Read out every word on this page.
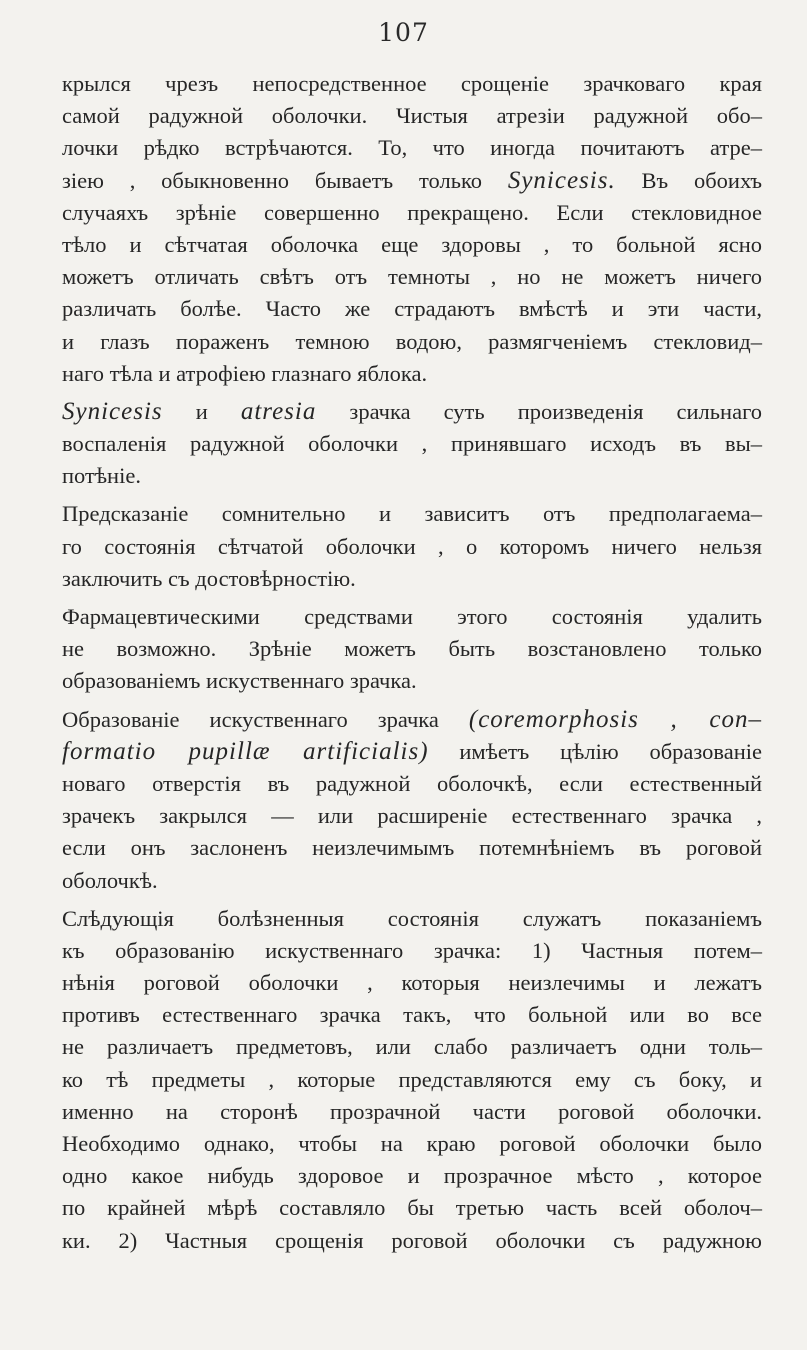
107
крылся чрезъ непосредственное срощеніе зрачковаго края
самой радужной оболочки. Чистыя атрезіи радужной обо–
лочки рѣдко встрѣчаются. То, что иногда почитаютъ атре–
зіею , обыкновенно бываетъ только Synicesis. Въ обоихъ
случаяхъ зрѣніе совершенно прекращено. Если стекловидное
тѣло и сѣтчатая оболочка еще здоровы , то больной ясно
можетъ отличать свѣтъ отъ темноты , но не можетъ ничего
различать болѣе. Часто же страдаютъ вмѣстѣ и эти части,
и глазъ пораженъ темною водою, размягченіемъ стекловид–
наго тѣла и атрофіею глазнаго яблока.
Synicesis и atresia зрачка суть произведенія сильнаго
воспаленія радужной оболочки , принявшаго исходъ въ вы–
потѣніе.
Предсказаніе сомнительно и зависитъ отъ предполагаема–
го состоянія сѣтчатой оболочки , о которомъ ничего нельзя
заключить съ достовѣрностію.
Фармацевтическими средствами этого состоянія удалить
не возможно. Зрѣніе можетъ быть возстановлено только
образованіемъ искуственнаго зрачка.
Образованіе искуственнаго зрачка (coremorphosis , con–
formatio pupillæ artificialis) имѣетъ цѣлію образованіе
новаго отверстія въ радужной оболочкѣ, если естественный
зрачекъ закрылся — или расширеніе естественнаго зрачка ,
если онъ заслоненъ неизлечимымъ потемнѣніемъ въ роговой
оболочкѣ.
Слѣдующія болѣзненныя состоянія служатъ показаніемъ
къ образованію искуственнаго зрачка: 1) Частныя потем–
нѣнія роговой оболочки , которыя неизлечимы и лежатъ
противъ естественнаго зрачка такъ, что больной или во все
не различаетъ предметовъ, или слабо различаетъ одни толь–
ко тѣ предметы , которые представляются ему съ боку, и
именно на сторонѣ прозрачной части роговой оболочки.
Необходимо однако, чтобы на краю роговой оболочки было
одно какое нибудь здоровое и прозрачное мѣсто , которое
по крайней мѣрѣ составляло бы третью часть всей оболоч–
ки. 2) Частныя срощенія роговой оболочки съ радужною
